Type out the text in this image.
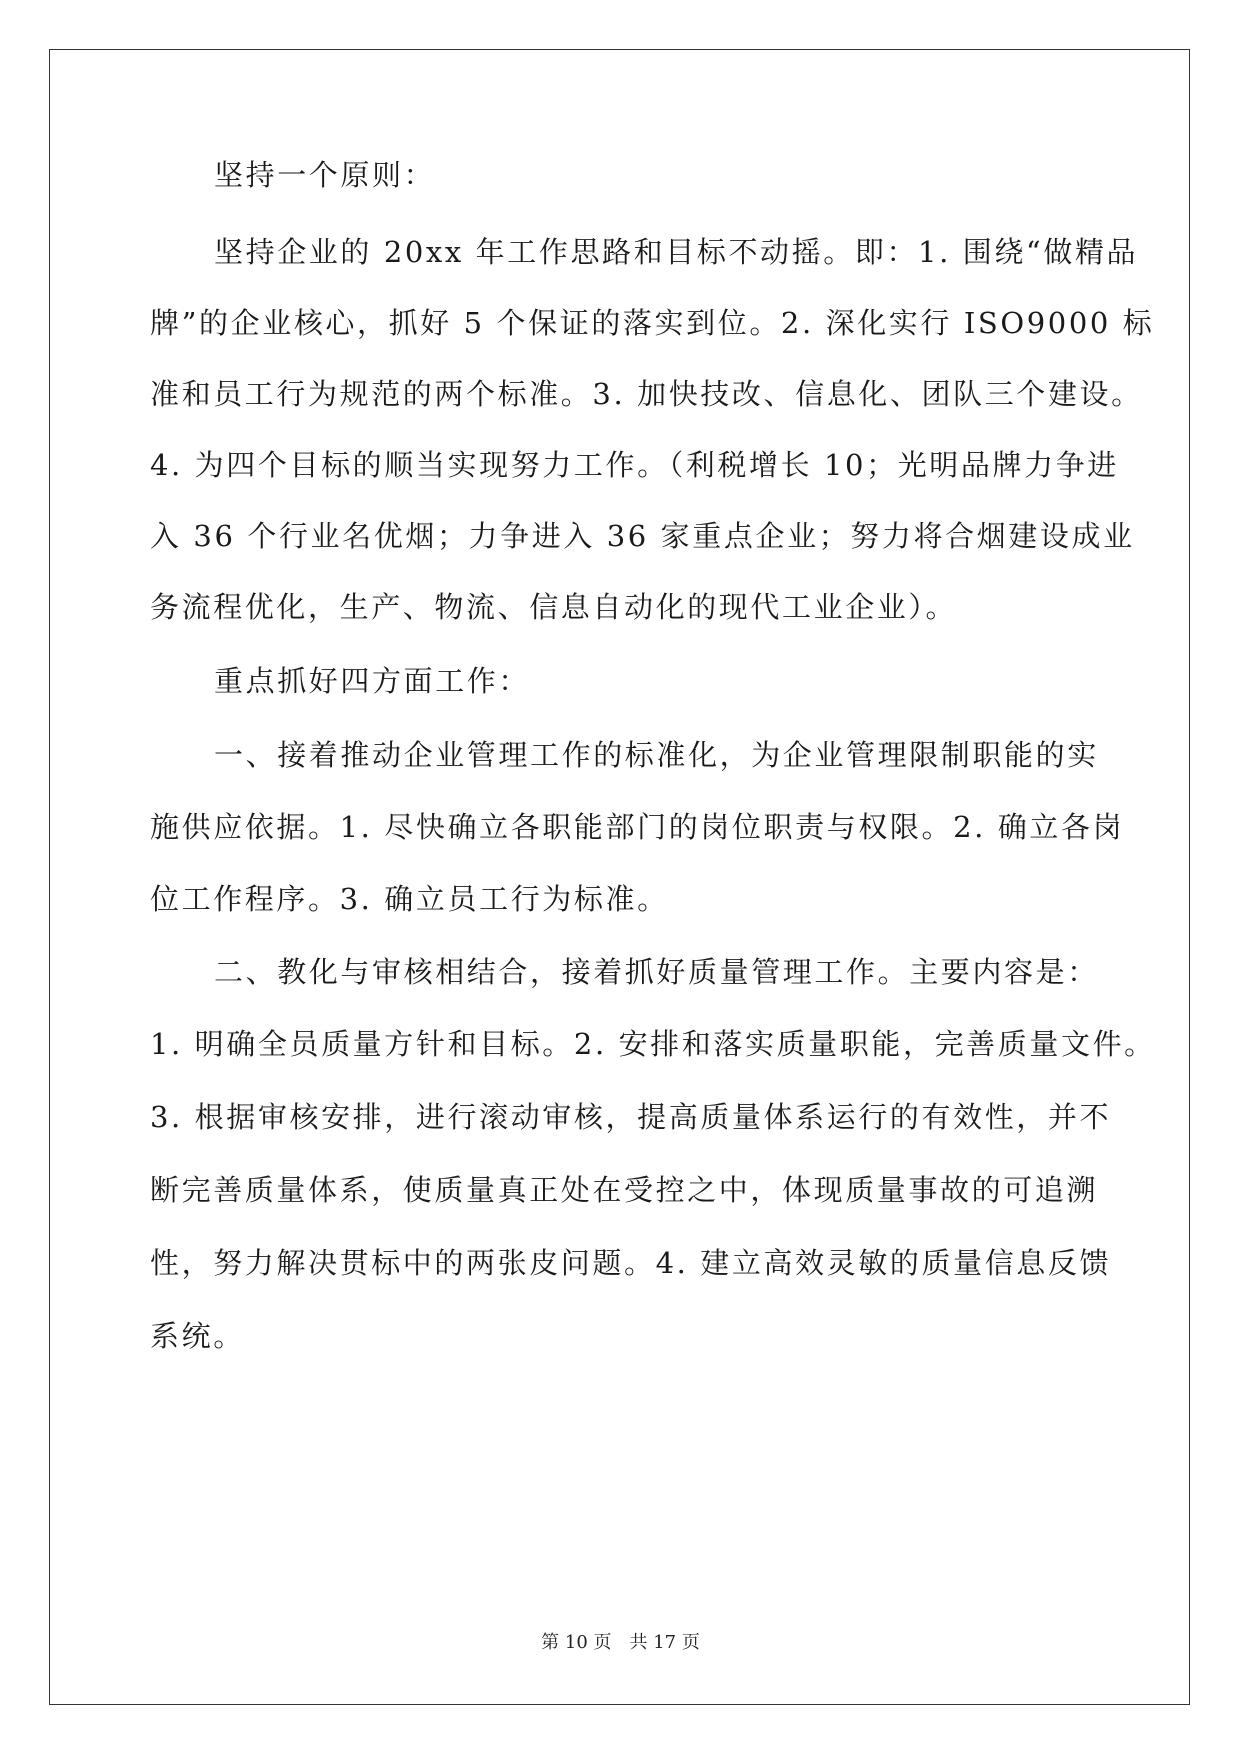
坚持一个原则：
坚持企业的 20xx 年工作思路和目标不动摇。即：1. 围绕“做精品
牌”的企业核心，抓好 5 个保证的落实到位。2. 深化实行 ISO9000 标
准和员工行为规范的两个标准。3. 加快技改、信息化、团队三个建设。
4. 为四个目标的顺当实现努力工作。（利税增长 10；光明品牌力争进
入 36 个行业名优烟；力争进入 36 家重点企业；努力将合烟建设成业
务流程优化，生产、物流、信息自动化的现代工业企业）。
重点抓好四方面工作：
一、接着推动企业管理工作的标准化，为企业管理限制职能的实
施供应依据。1. 尽快确立各职能部门的岗位职责与权限。2. 确立各岗
位工作程序。3. 确立员工行为标准。
二、教化与审核相结合，接着抓好质量管理工作。主要内容是：
1. 明确全员质量方针和目标。2. 安排和落实质量职能，完善质量文件。
3. 根据审核安排，进行滚动审核，提高质量体系运行的有效性，并不
断完善质量体系，使质量真正处在受控之中，体现质量事故的可追溯
性，努力解决贯标中的两张皮问题。4. 建立高效灵敏的质量信息反馈
系统。
第 10 页　共 17 页
